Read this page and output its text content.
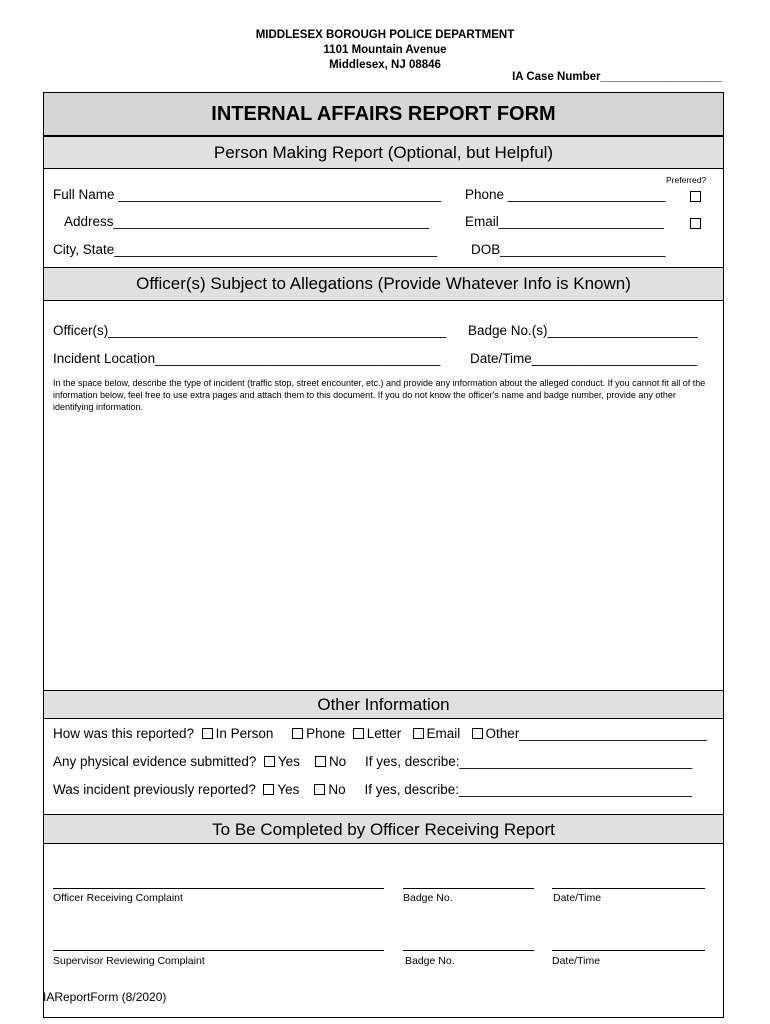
MIDDLESEX BOROUGH POLICE DEPARTMENT
1101 Mountain Avenue
Middlesex, NJ 08846
IA Case Number___________________
INTERNAL AFFAIRS REPORT FORM
Person Making Report (Optional, but Helpful)
Preferred?
Full Name ___________________________________________ Phone _____________________
Address__________________________________________	Email______________________
City, State___________________________________________	DOB______________________
Officer(s) Subject to Allegations (Provide Whatever Info is Known)
Officer(s)_____________________________________________ Badge No.(s)____________________
Incident Location______________________________________ Date/Time______________________
In the space below, describe the type of incident (traffic stop, street encounter, etc.) and provide any information about the alleged conduct. If you cannot fit all of the information below, feel free to use extra pages and attach them to this document. If you do not know the officer's name and badge number, provide any other identifying information.
Other Information
How was this reported? In Person Phone Letter Email Other_________________________
Any physical evidence submitted? Yes No If yes, describe:_______________________________
Was incident previously reported? Yes No If yes, describe:_______________________________
To Be Completed by Officer Receiving Report
Officer Receiving Complaint	Badge No.	Date/Time
Supervisor Reviewing Complaint	Badge No.	Date/Time
IAReportForm (8/2020)
